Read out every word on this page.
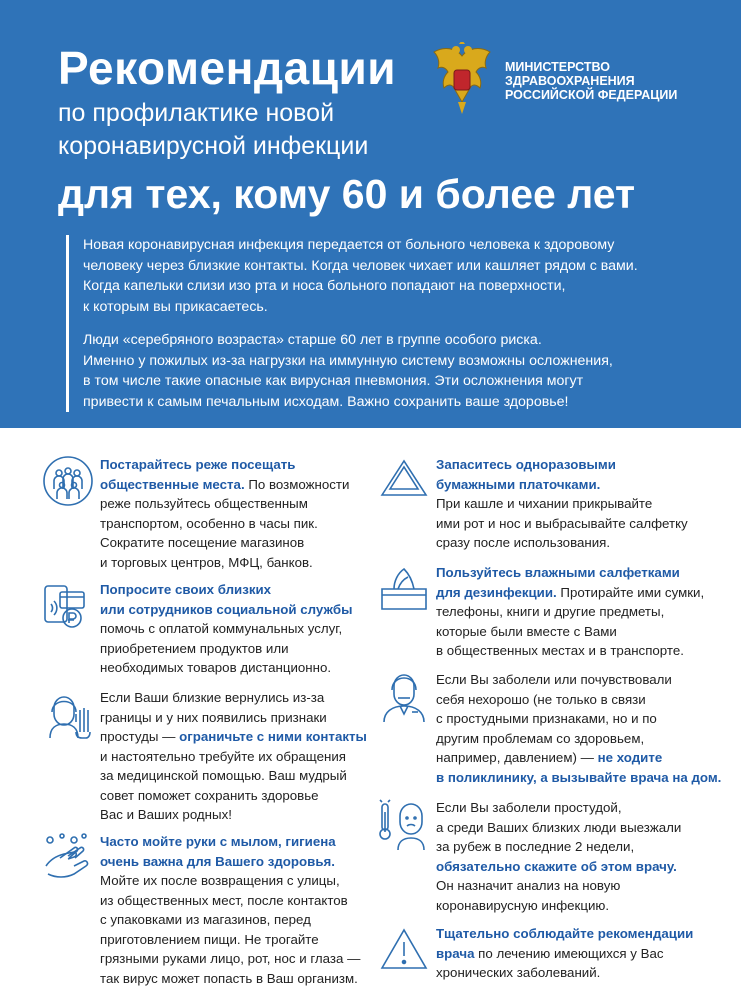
Рекомендации
по профилактике новой
коронавирусной инфекции
для тех, кому 60 и более лет
МИНИСТЕРСТВО
ЗДРАВООХРАНЕНИЯ
РОССИЙСКОЙ ФЕДЕРАЦИИ

Новая коронавирусная инфекция передается от больного человека к здоровому
человеку через близкие контакты. Когда человек чихает или кашляет рядом с вами.
Когда капельки слизи изо рта и носа больного попадают на поверхности,
к которым вы прикасаетесь.

Люди «серебряного возраста» старше 60 лет в группе особого риска.
Именно у пожилых из-за нагрузки на иммунную систему возможны осложнения,
в том числе такие опасные как вирусная пневмония. Эти осложнения могут
привести к самым печальным исходам. Важно сохранить ваше здоровье!

Постарайтесь реже посещать
общественные места. По возможности
реже пользуйтесь общественным
транспортом, особенно в часы пик.
Сократите посещение магазинов
и торговых центров, МФЦ, банков.
Попросите своих близких
или сотрудников социальной службы
помочь с оплатой коммунальных услуг,
приобретением продуктов или
необходимых товаров дистанционно.
Если Ваши близкие вернулись из-за
границы и у них появились признаки
простуды — ограничьте с ними контакты
и настоятельно требуйте их обращения
за медицинской помощью. Ваш мудрый
совет поможет сохранить здоровье
Вас и Ваших родных!
Часто мойте руки с мылом, гигиена
очень важна для Вашего здоровья.
Мойте их после возвращения с улицы,
из общественных мест, после контактов
с упаковками из магазинов, перед
приготовлением пищи. Не трогайте
грязными руками лицо, рот, нос и глаза —
так вирус может попасть в Ваш организм.
Запаситесь одноразовыми
бумажными платочками.
При кашле и чихании прикрывайте
ими рот и нос и выбрасывайте салфетку
сразу после использования.
Пользуйтесь влажными салфетками
для дезинфекции. Протирайте ими сумки,
телефоны, книги и другие предметы,
которые были вместе с Вами
в общественных местах и в транспорте.
Если Вы заболели или почувствовали
себя нехорошо (не только в связи
с простудными признаками, но и по
другим проблемам со здоровьем,
например, давлением) — не ходите
в поликлинику, а вызывайте врача на дом.
Если Вы заболели простудой,
а среди Ваших близких люди выезжали
за рубеж в последние 2 недели,
обязательно скажите об этом врачу.
Он назначит анализ на новую
коронавирусную инфекцию.
Тщательно соблюдайте рекомендации
врача по лечению имеющихся у Вас
хронических заболеваний.
